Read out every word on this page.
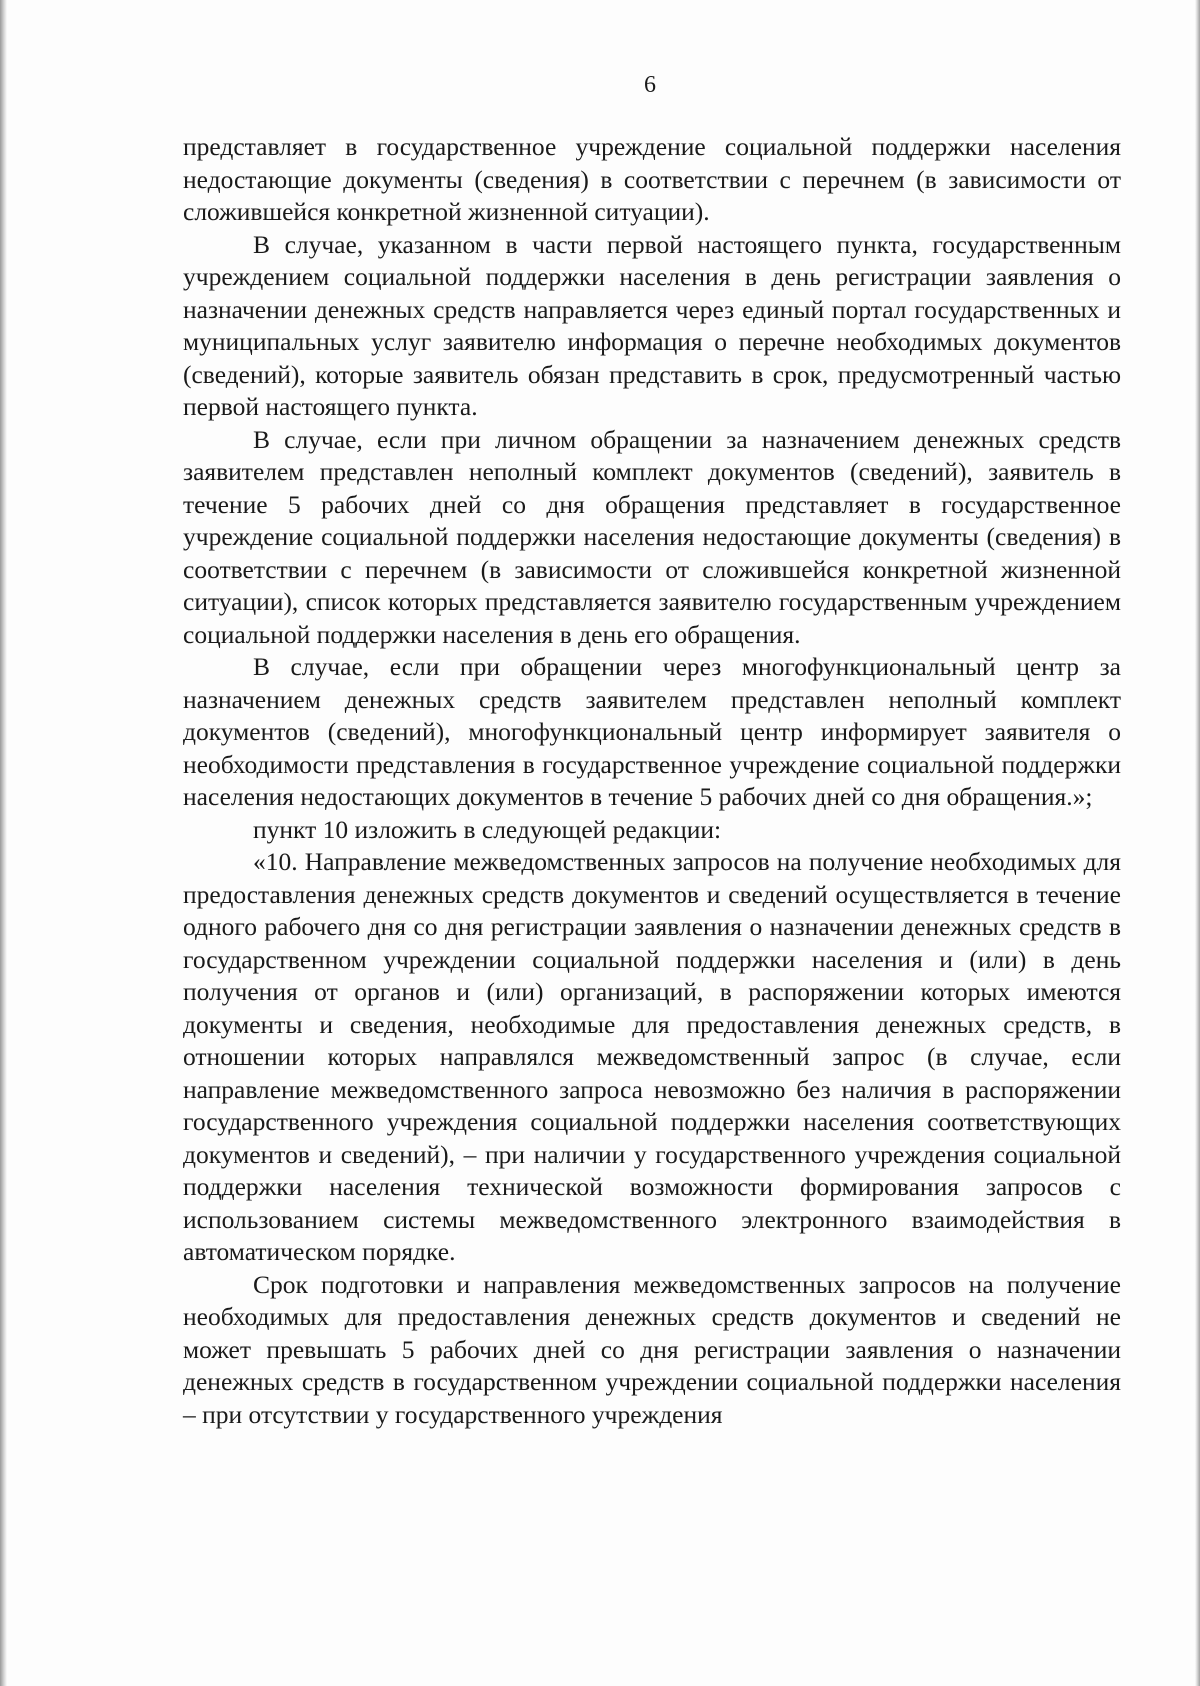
6

представляет в государственное учреждение социальной поддержки населения недостающие документы (сведения) в соответствии с перечнем (в зависимости от сложившейся конкретной жизненной ситуации).

В случае, указанном в части первой настоящего пункта, государственным учреждением социальной поддержки населения в день регистрации заявления о назначении денежных средств направляется через единый портал государственных и муниципальных услуг заявителю информация о перечне необходимых документов (сведений), которые заявитель обязан представить в срок, предусмотренный частью первой настоящего пункта.

В случае, если при личном обращении за назначением денежных средств заявителем представлен неполный комплект документов (сведений), заявитель в течение 5 рабочих дней со дня обращения представляет в государственное учреждение социальной поддержки населения недостающие документы (сведения) в соответствии с перечнем (в зависимости от сложившейся конкретной жизненной ситуации), список которых представляется заявителю государственным учреждением социальной поддержки населения в день его обращения.

В случае, если при обращении через многофункциональный центр за назначением денежных средств заявителем представлен неполный комплект документов (сведений), многофункциональный центр информирует заявителя о необходимости представления в государственное учреждение социальной поддержки населения недостающих документов в течение 5 рабочих дней со дня обращения.»;

пункт 10 изложить в следующей редакции:

«10. Направление межведомственных запросов на получение необходимых для предоставления денежных средств документов и сведений осуществляется в течение одного рабочего дня со дня регистрации заявления о назначении денежных средств в государственном учреждении социальной поддержки населения и (или) в день получения от органов и (или) организаций, в распоряжении которых имеются документы и сведения, необходимые для предоставления денежных средств, в отношении которых направлялся межведомственный запрос (в случае, если направление межведомственного запроса невозможно без наличия в распоряжении государственного учреждения социальной поддержки населения соответствующих документов и сведений), – при наличии у государственного учреждения социальной поддержки населения технической возможности формирования запросов с использованием системы межведомственного электронного взаимодействия в автоматическом порядке.

Срок подготовки и направления межведомственных запросов на получение необходимых для предоставления денежных средств документов и сведений не может превышать 5 рабочих дней со дня регистрации заявления о назначении денежных средств в государственном учреждении социальной поддержки населения – при отсутствии у государственного учреждения
